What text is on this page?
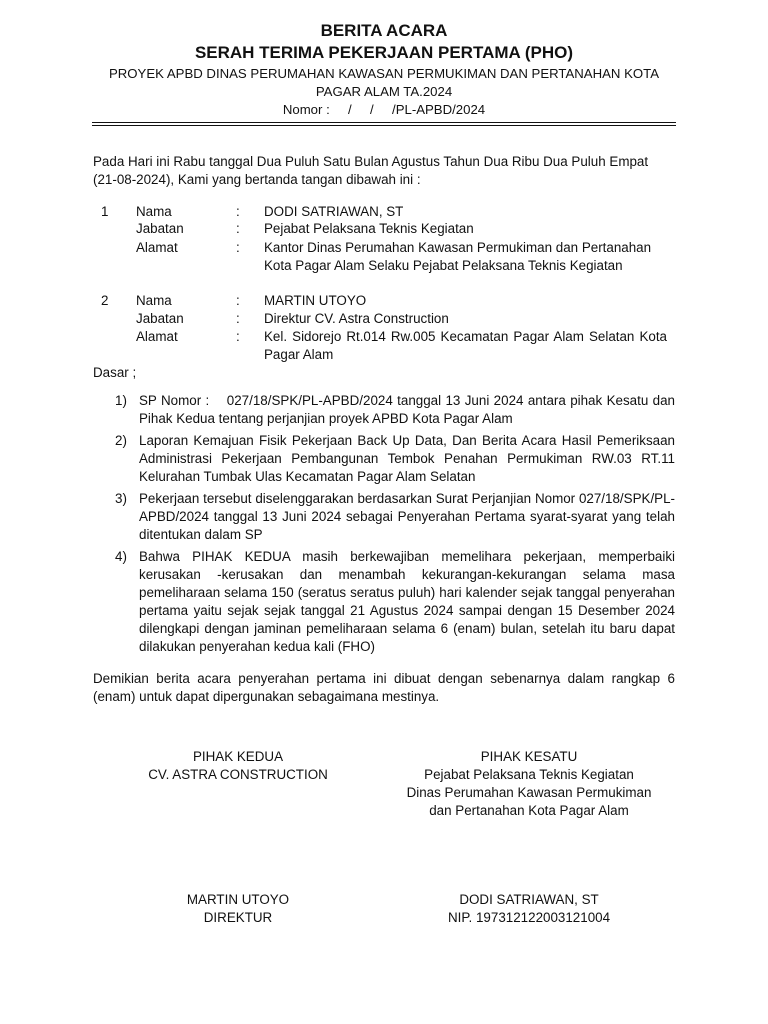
BERITA ACARA
SERAH TERIMA PEKERJAAN PERTAMA (PHO)
PROYEK APBD DINAS PERUMAHAN KAWASAN PERMUKIMAN DAN PERTANAHAN KOTA
PAGAR ALAM TA.2024
Nomor :     /     /     /PL-APBD/2024
Pada Hari ini Rabu tanggal Dua Puluh Satu Bulan Agustus Tahun Dua Ribu Dua Puluh Empat (21-08-2024), Kami yang bertanda tangan dibawah ini :
1 Nama	: DODI SATRIAWAN, ST
Jabatan	: Pejabat Pelaksana Teknis Kegiatan
Alamat	: Kantor Dinas Perumahan Kawasan Permukiman dan Pertanahan Kota Pagar Alam Selaku Pejabat Pelaksana Teknis Kegiatan
2 Nama	: MARTIN UTOYO
Jabatan	: Direktur CV. Astra Construction
Alamat	: Kel. Sidorejo Rt.014 Rw.005 Kecamatan Pagar Alam Selatan Kota Pagar Alam
Dasar ;
1) SP Nomor :    027/18/SPK/PL-APBD/2024 tanggal 13 Juni 2024 antara pihak Kesatu dan Pihak Kedua tentang perjanjian proyek APBD Kota Pagar Alam
2) Laporan Kemajuan Fisik Pekerjaan Back Up Data, Dan Berita Acara Hasil Pemeriksaan Administrasi Pekerjaan Pembangunan Tembok Penahan Permukiman RW.03 RT.11 Kelurahan Tumbak Ulas Kecamatan Pagar Alam Selatan
3) Pekerjaan tersebut diselenggarakan berdasarkan Surat Perjanjian Nomor 027/18/SPK/PL-APBD/2024 tanggal 13 Juni 2024 sebagai Penyerahan Pertama syarat-syarat yang telah ditentukan dalam SP
4) Bahwa PIHAK KEDUA masih berkewajiban memelihara pekerjaan, memperbaiki kerusakan -kerusakan dan menambah kekurangan-kekurangan selama masa pemeliharaan selama 150 (seratus seratus puluh) hari kalender sejak tanggal penyerahan pertama yaitu sejak sejak tanggal 21 Agustus 2024 sampai dengan 15 Desember 2024 dilengkapi dengan jaminan pemeliharaan selama 6 (enam) bulan, setelah itu baru dapat dilakukan penyerahan kedua kali (FHO)
Demikian berita acara penyerahan pertama ini dibuat dengan sebenarnya dalam rangkap 6 (enam) untuk dapat dipergunakan sebagaimana mestinya.
PIHAK KEDUA
CV. ASTRA CONSTRUCTION
MARTIN UTOYO
DIREKTUR
PIHAK KESATU
Pejabat Pelaksana Teknis Kegiatan
Dinas Perumahan Kawasan Permukiman
dan Pertanahan Kota Pagar Alam
DODI SATRIAWAN, ST
NIP. 197312122003121004
